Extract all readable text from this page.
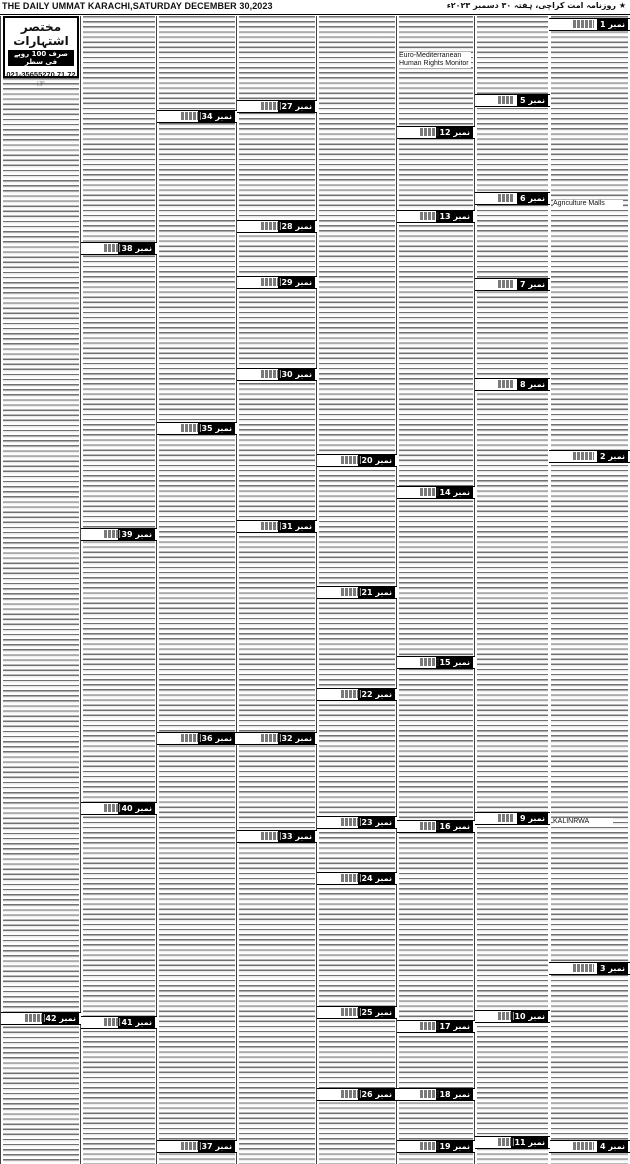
THE DAILY UMMAT KARACHI,SATURDAY DECEMBER 30,2023	★ روزنامہ امت کراچی، ہفتہ ۳۰ دسمبر ۲۰۲۳ء
نمبر 1
Agriculture Malls
نمبر 2
KALINRWA
نمبر 3
نمبر 4
نمبر 5
نمبر 6
نمبر 7
نمبر 8
نمبر 9
نمبر 10
نمبر 11
Euro-Mediterranean Human Rights Monitor
نمبر 12
نمبر 13
نمبر 14
نمبر 15
نمبر 16
نمبر 17
نمبر 18
نمبر 19
نمبر 20
نمبر 21
نمبر 22
نمبر 23
نمبر 24
نمبر 25
نمبر 26
نمبر 27
نمبر 28
نمبر 29
نمبر 30
نمبر 31
نمبر 32
نمبر 33
نمبر 34
نمبر 35
نمبر 36
نمبر 37
نمبر 38
نمبر 39
نمبر 40
نمبر 41
مختصر اشتہارات
صرف 100 روپے فی سطر
021-35655270,71,72
☞
نمبر 42
